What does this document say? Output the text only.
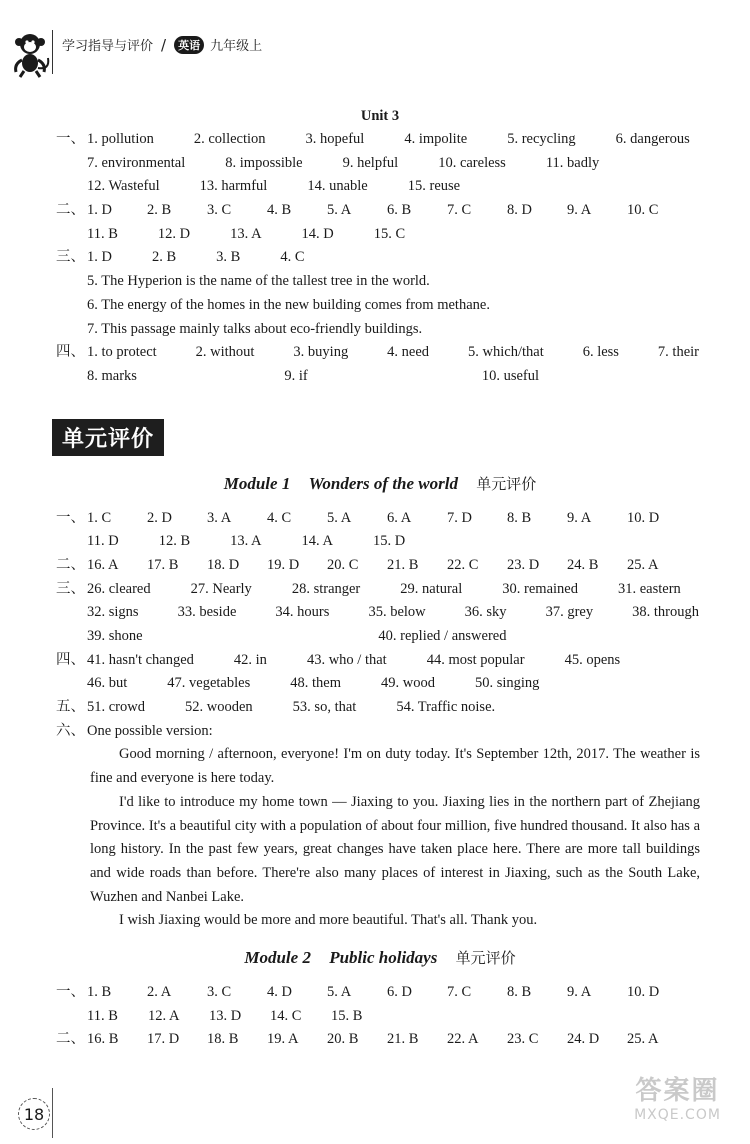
学习指导与评价 /	英语 九年级上
Unit 3
一、 1. pollution	2. collection	3. hopeful	4. impolite	5. recycling	6. dangerous
7. environmental	8. impossible	9. helpful	10. careless	11. badly
12. Wasteful	13. harmful	14. unable	15. reuse
二、 1. D 2. B 3. C 4. B 5. A 6. B 7. C 8. D 9. A 10. C
11. B	12. D	13. A	14. D	15. C
三、 1. D	2. B	3. B	4. C
5. The Hyperion is the name of the tallest tree in the world.
6. The energy of the homes in the new building comes from methane.
7. This passage mainly talks about eco-friendly buildings.
四、 1. to protect	2. without	3. buying	4. need	5. which/that	6. less	7. their
8. marks	9. if	10. useful
单元评价
Module 1 Wonders of the world 单元评价
一、 1. C 2. D 3. A 4. C 5. A 6. A 7. D 8. B 9. A 10. D
11. D	12. B	13. A	14. A	15. D
二、 16. A 17. B 18. D 19. D 20. C 21. B 22. C 23. D 24. B 25. A
三、 26. cleared	27. Nearly	28. stranger	29. natural	30. remained	31. eastern
32. signs	33. beside	34. hours	35. below	36. sky	37. grey	38. through
39. shone	40. replied / answered
四、 41. hasn't changed	42. in	43. who / that	44. most popular	45. opens
46. but	47. vegetables	48. them	49. wood	50. singing
五、 51. crowd	52. wooden	53. so, that	54. Traffic noise.
六、 One possible version:

Good morning / afternoon, everyone! I'm on duty today. It's September 12th, 2017. The weather is fine and everyone is here today.

I'd like to introduce my home town — Jiaxing to you. Jiaxing lies in the northern part of Zhejiang Province. It's a beautiful city with a population of about four million, five hundred thousand. It also has a long history. In the past few years, great changes have taken place here. There are more tall buildings and wide roads than before. There're also many places of interest in Jiaxing, such as the South Lake, Wuzhen and Nanbei Lake.

I wish Jiaxing would be more and more beautiful. That's all. Thank you.

Module 2 Public holidays 单元评价
一、 1. B 2. A 3. C 4. D 5. A 6. D 7. C 8. B 9. A 10. D
11. B 12. A 13. D 14. C 15. B
二、 16. B 17. D 18. B 19. A 20. B 21. B 22. A 23. C 24. D 25. A
18
答案圈
MXQE.COM
